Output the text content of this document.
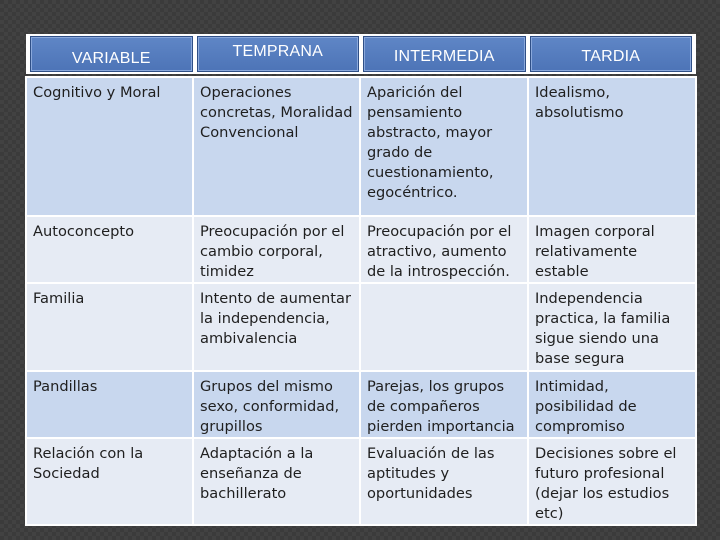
VARIABLE	TEMPRANA	INTERMEDIA	TARDIA
Cognitivo y Moral	Operaciones concretas, Moralidad Convencional	Aparición del pensamiento abstracto, mayor grado de cuestionamiento, egocéntrico.	Idealismo, absolutismo
Autoconcepto	Preocupación por el cambio corporal, timidez	Preocupación por el atractivo, aumento de la introspección.	Imagen corporal relativamente estable
Familia	Intento de aumentar la independencia, ambivalencia		Independencia practica, la familia sigue siendo una base segura
Pandillas	Grupos del mismo sexo, conformidad, grupillos	Parejas, los grupos de compañeros pierden importancia	Intimidad, posibilidad de compromiso
Relación con la Sociedad	Adaptación a la enseñanza de bachillerato	Evaluación de las aptitudes y oportunidades	Decisiones sobre el futuro profesional (dejar los estudios etc)
